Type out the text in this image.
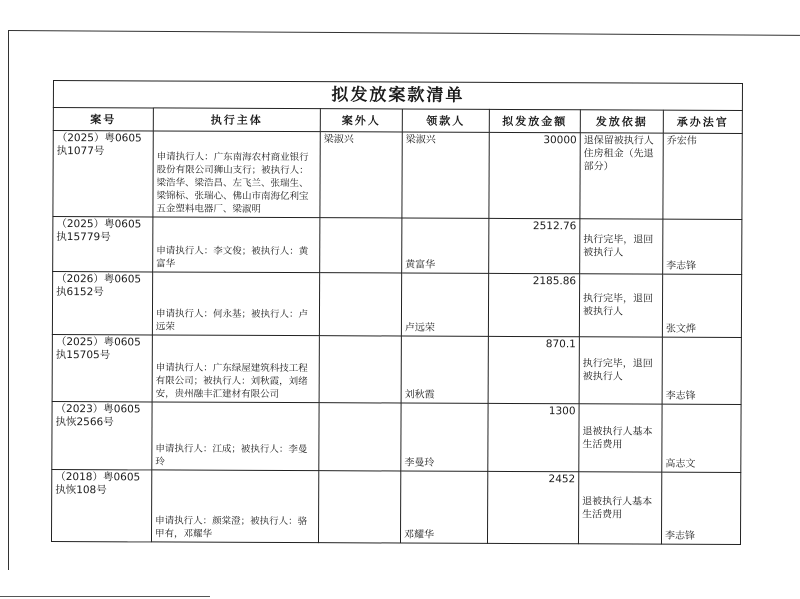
拟发放案款清单						
案号	执行主体	案外人	领款人	拟发放金额	发放依据	承办法官
（2025）粤0605执1077号	申请执行人：广东南海农村商业银行股份有限公司狮山支行；被执行人：梁浩华、梁浩昌、左飞兰、张瑞生、梁锦标、张瑞心、佛山市南海亿利宝五金塑料电器厂、梁淑明	梁淑兴	梁淑兴	30000	退保留被执行人住房租金（先退部分）	乔宏伟
（2025）粤0605执15779号	申请执行人：李文俊；被执行人：黄富华		黄富华	2512.76	执行完毕，退回被执行人	李志锋
（2026）粤0605执6152号	申请执行人：何永基；被执行人：卢远荣		卢远荣	2185.86	执行完毕，退回被执行人	张文烨
（2025）粤0605执15705号	申请执行人：广东绿屋建筑科技工程有限公司；被执行人：刘秋霞，刘绪安，贵州融丰汇建材有限公司		刘秋霞	870.1	执行完毕，退回被执行人	李志锋
（2023）粤0605执恢2566号	申请执行人：江成；被执行人：李曼玲		李曼玲	1300	退被执行人基本生活费用	高志文
（2018）粤0605执恢108号	申请执行人：颜棠澄；被执行人：骆甲有，邓耀华		邓耀华	2452	退被执行人基本生活费用	李志锋
